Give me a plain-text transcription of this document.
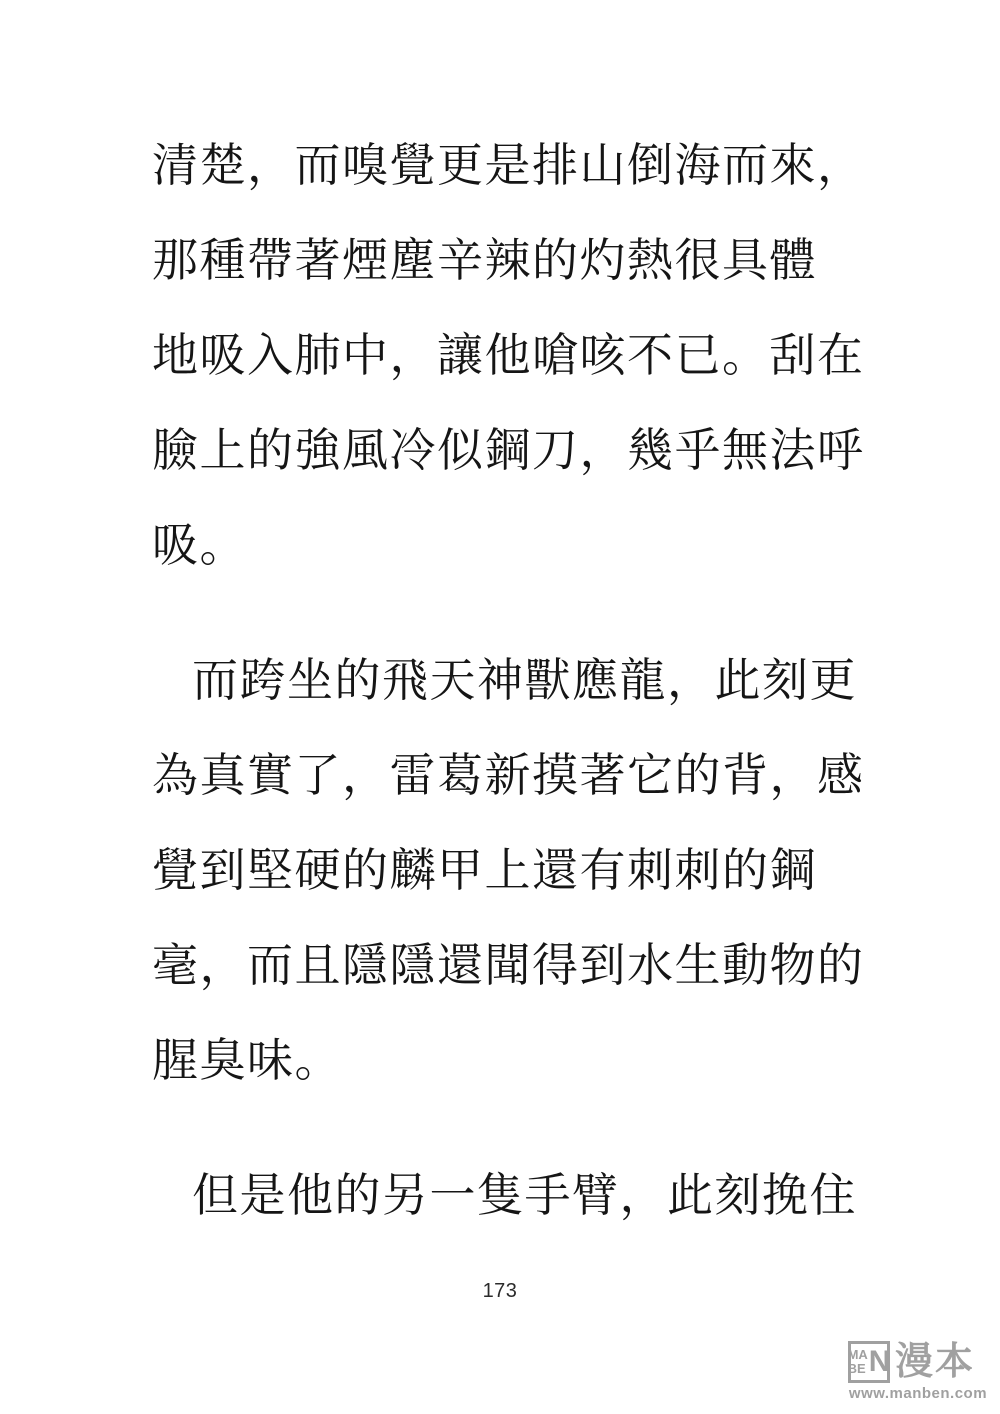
清楚，而嗅覺更是排山倒海而來，
那種帶著煙塵辛辣的灼熱很具體
地吸入肺中，讓他嗆咳不已。刮在
臉上的強風冷似鋼刀，幾乎無法呼
吸。
而跨坐的飛天神獸應龍，此刻更
為真實了，雷葛新摸著它的背，感
覺到堅硬的麟甲上還有刺刺的鋼
毫，而且隱隱還聞得到水生動物的
腥臭味。
但是他的另一隻手臂，此刻挽住
173
MA
BE N 漫本
www.manben.com
